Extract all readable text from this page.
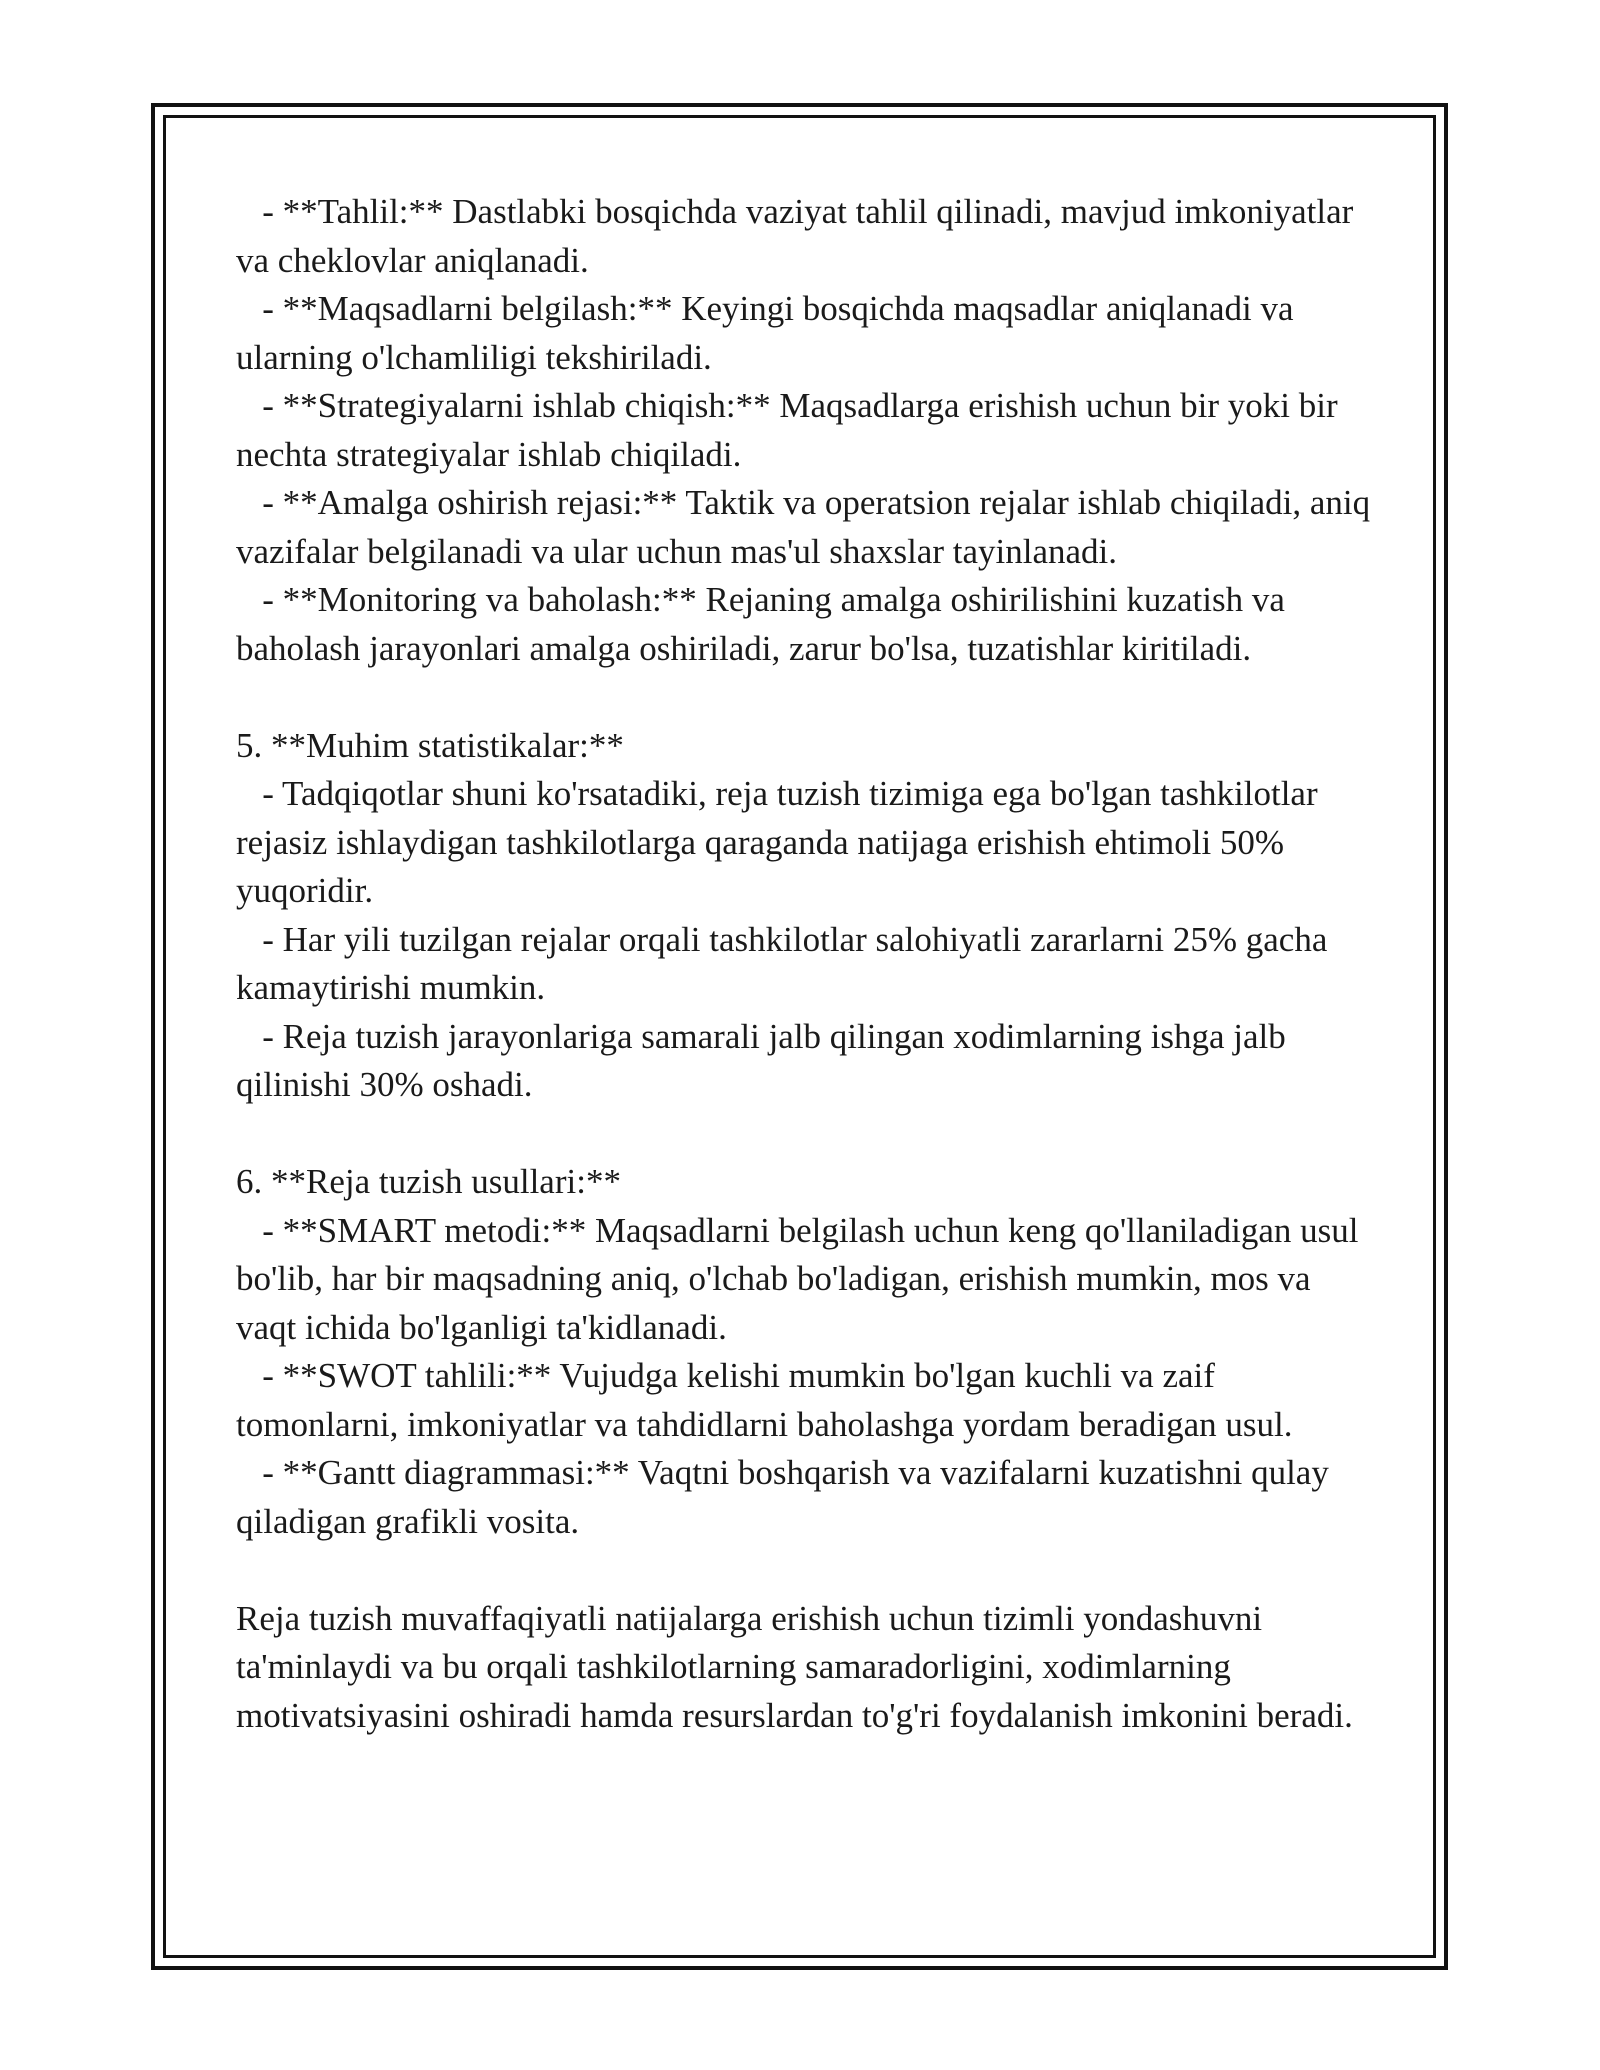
- **Tahlil:** Dastlabki bosqichda vaziyat tahlil qilinadi, mavjud imkoniyatlar va cheklovlar aniqlanadi.

- **Maqsadlarni belgilash:** Keyingi bosqichda maqsadlar aniqlanadi va ularning o'lchamliligi tekshiriladi.

- **Strategiyalarni ishlab chiqish:** Maqsadlarga erishish uchun bir yoki bir nechta strategiyalar ishlab chiqiladi.

- **Amalga oshirish rejasi:** Taktik va operatsion rejalar ishlab chiqiladi, aniq vazifalar belgilanadi va ular uchun mas'ul shaxslar tayinlanadi.

- **Monitoring va baholash:** Rejaning amalga oshirilishini kuzatish va baholash jarayonlari amalga oshiriladi, zarur bo'lsa, tuzatishlar kiritiladi.

5. **Muhim statistikalar:**

- Tadqiqotlar shuni ko'rsatadiki, reja tuzish tizimiga ega bo'lgan tashkilotlar rejasiz ishlaydigan tashkilotlarga qaraganda natijaga erishish ehtimoli 50% yuqoridir.

- Har yili tuzilgan rejalar orqali tashkilotlar salohiyatli zararlarni 25% gacha kamaytirishi mumkin.

- Reja tuzish jarayonlariga samarali jalb qilingan xodimlarning ishga jalb qilinishi 30% oshadi.

6. **Reja tuzish usullari:**

- **SMART metodi:** Maqsadlarni belgilash uchun keng qo'llaniladigan usul bo'lib, har bir maqsadning aniq, o'lchab bo'ladigan, erishish mumkin, mos va vaqt ichida bo'lganligi ta'kidlanadi.

- **SWOT tahlili:** Vujudga kelishi mumkin bo'lgan kuchli va zaif tomonlarni, imkoniyatlar va tahdidlarni baholashga yordam beradigan usul.

- **Gantt diagrammasi:** Vaqtni boshqarish va vazifalarni kuzatishni qulay qiladigan grafikli vosita.

Reja tuzish muvaffaqiyatli natijalarga erishish uchun tizimli yondashuvni ta'minlaydi va bu orqali tashkilotlarning samaradorligini, xodimlarning motivatsiyasini oshiradi hamda resurslardan to'g'ri foydalanish imkonini beradi.
